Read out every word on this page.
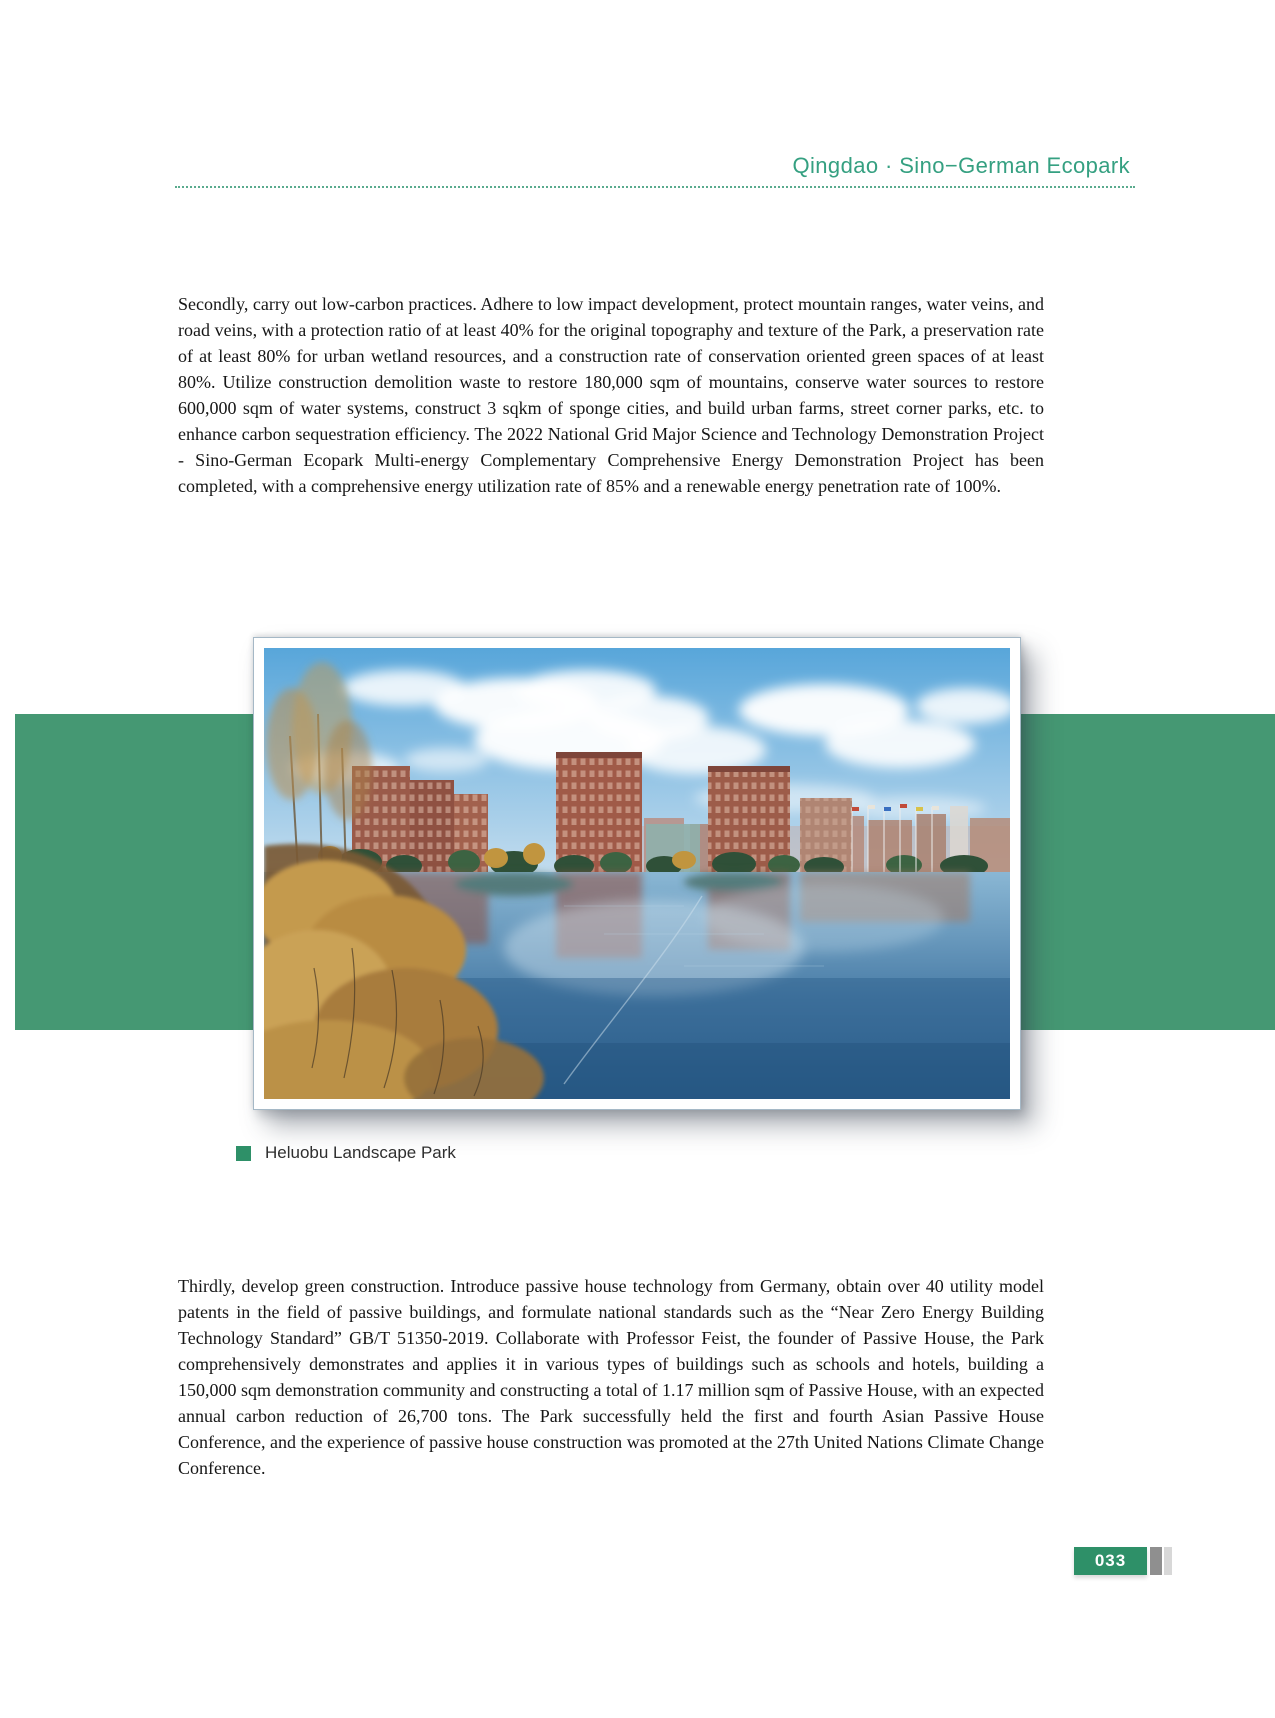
Qingdao · Sino−German Ecopark

Secondly, carry out low-carbon practices. Adhere to low impact development, protect mountain ranges, water veins, and road veins, with a protection ratio of at least 40% for the original topography and texture of the Park, a preservation rate of at least 80% for urban wetland resources, and a construction rate of conservation oriented green spaces of at least 80%. Utilize construction demolition waste to restore 180,000 sqm of mountains, conserve water sources to restore 600,000 sqm of water systems, construct 3 sqkm of sponge cities, and build urban farms, street corner parks, etc. to enhance carbon sequestration efficiency. The 2022 National Grid Major Science and Technology Demonstration Project - Sino-German Ecopark Multi-energy Complementary Comprehensive Energy Demonstration Project has been completed, with a comprehensive energy utilization rate of 85% and a renewable energy penetration rate of 100%.

Heluobu Landscape Park

Thirdly, develop green construction. Introduce passive house technology from Germany, obtain over 40 utility model patents in the field of passive buildings, and formulate national standards such as the “Near Zero Energy Building Technology Standard” GB/T 51350-2019. Collaborate with Professor Feist, the founder of Passive House, the Park comprehensively demonstrates and applies it in various types of buildings such as schools and hotels, building a 150,000 sqm demonstration community and constructing a total of 1.17 million sqm of Passive House, with an expected annual carbon reduction of 26,700 tons. The Park successfully held the first and fourth Asian Passive House Conference, and the experience of passive house construction was promoted at the 27th United Nations Climate Change Conference.

033
